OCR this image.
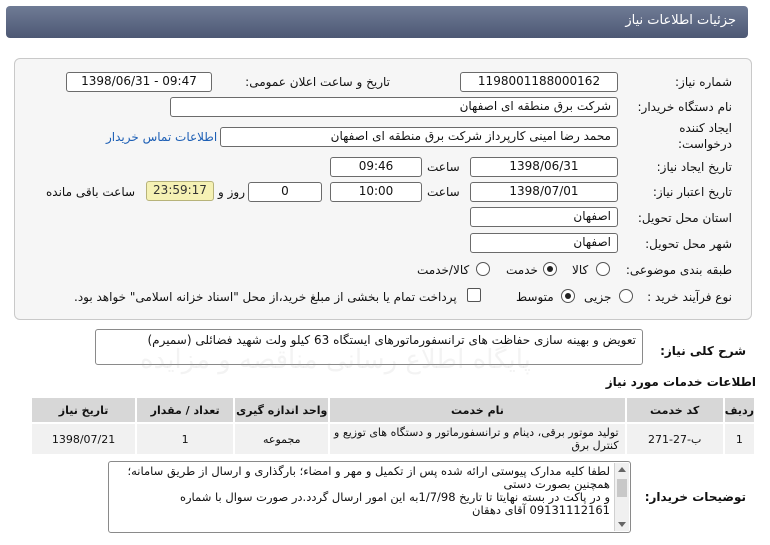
جزئیات اطلاعات نیاز
شماره نیاز:
1198001188000162
تاریخ و ساعت اعلان عمومی:
1398/06/31 - 09:47
نام دستگاه خریدار:
شرکت برق منطقه ای اصفهان
ایجاد کننده
درخواست:
محمد رضا امینی کارپرداز شرکت برق منطقه ای اصفهان
اطلاعات تماس خریدار
تاریخ ایجاد نیاز:
1398/06/31
ساعت
09:46
تاریخ اعتبار نیاز:
1398/07/01
ساعت
10:00
0
روز و
23:59:17
ساعت باقی مانده
استان محل تحویل:
اصفهان
شهر محل تحویل:
اصفهان
طبقه بندی موضوعی:
کالا
خدمت
کالا/خدمت
نوع فرآیند خرید :
جزیی
متوسط
پرداخت تمام یا بخشی از مبلغ خرید،از محل "اسناد خزانه اسلامی" خواهد بود.
شرح کلی نیاز:
تعویض و بهینه سازی حفاظت های ترانسفورماتورهای ایستگاه 63 کیلو ولت شهید فضائلی (سمیرم)
پایگاه اطلاع رسانی مناقصه و مزایده
اطلاعات خدمات مورد نیاز
تاریخ نیاز	تعداد / مقدار	واحد اندازه گیری	نام خدمت	کد خدمت	ردیف
1398/07/21	1	مجموعه	تولید موتور برقی، دینام و ترانسفورماتور و دستگاه های توزیع و کنترل برق	ب-27-271	1
توضیحات خریدار:
لطفا کلیه مدارک پیوستی ارائه شده پس از تکمیل و مهر و امضاء؛ بارگذاری و ارسال از طریق سامانه؛ همچنین بصورت دستی
و در پاکت در بسته نهایتا تا تاریخ 1/7/98به این امور ارسال گردد.در صورت سوال با شماره
09131112161 آقای دهقان
